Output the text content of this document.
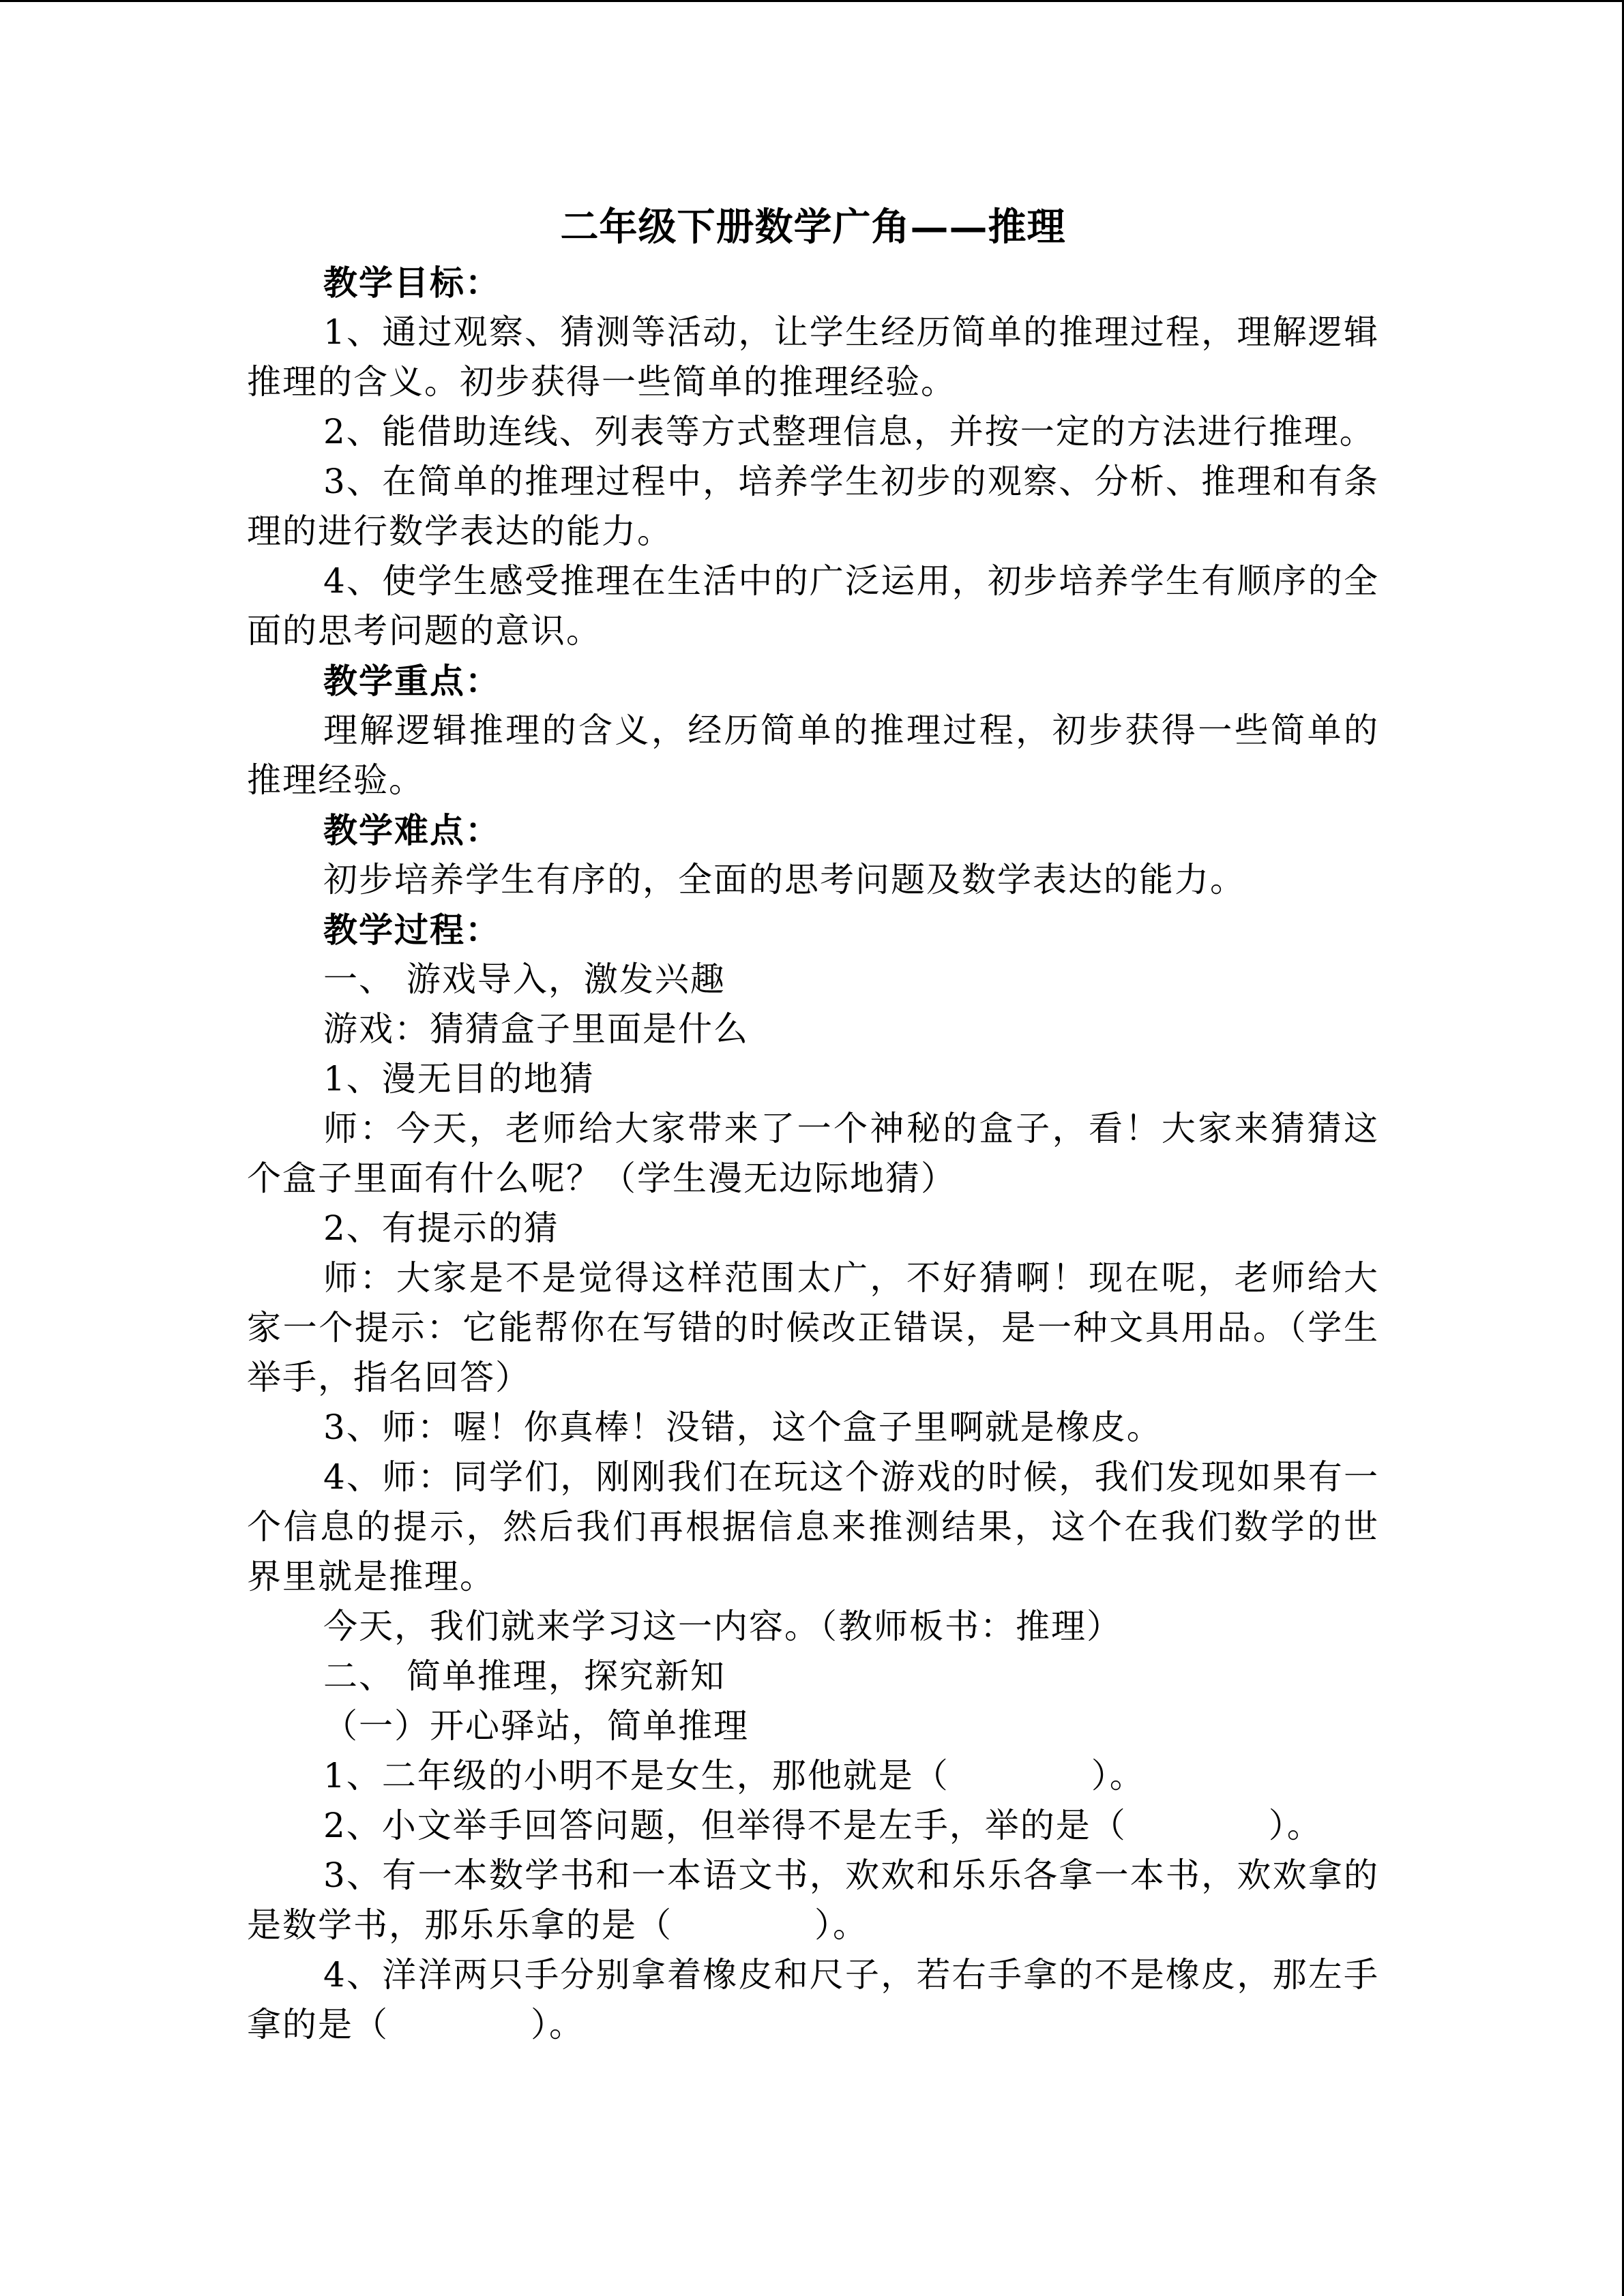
二年级下册数学广角——推理

教学目标：

1、通过观察、猜测等活动，让学生经历简单的推理过程，理解逻辑推理的含义。初步获得一些简单的推理经验。

2、能借助连线、列表等方式整理信息，并按一定的方法进行推理。

3、在简单的推理过程中，培养学生初步的观察、分析、推理和有条理的进行数学表达的能力。

4、使学生感受推理在生活中的广泛运用，初步培养学生有顺序的全面的思考问题的意识。

教学重点：

理解逻辑推理的含义，经历简单的推理过程，初步获得一些简单的推理经验。

教学难点：

初步培养学生有序的，全面的思考问题及数学表达的能力。

教学过程：

一、 游戏导入，激发兴趣

游戏：猜猜盒子里面是什么

1、漫无目的地猜

师：今天，老师给大家带来了一个神秘的盒子，看！大家来猜猜这个盒子里面有什么呢？（学生漫无边际地猜）

2、有提示的猜

师：大家是不是觉得这样范围太广，不好猜啊！现在呢，老师给大家一个提示：它能帮你在写错的时候改正错误，是一种文具用品。（学生举手，指名回答）

3、师：喔！你真棒！没错，这个盒子里啊就是橡皮。

4、师：同学们，刚刚我们在玩这个游戏的时候，我们发现如果有一个信息的提示，然后我们再根据信息来推测结果，这个在我们数学的世界里就是推理。

今天，我们就来学习这一内容。（教师板书：推理）

二、 简单推理，探究新知

（一）开心驿站，简单推理

1、二年级的小明不是女生，那他就是（　　　　）。

2、小文举手回答问题，但举得不是左手，举的是（　　　　）。

3、有一本数学书和一本语文书，欢欢和乐乐各拿一本书，欢欢拿的是数学书，那乐乐拿的是（　　　　）。

4、洋洋两只手分别拿着橡皮和尺子，若右手拿的不是橡皮，那左手拿的是（　　　　）。
